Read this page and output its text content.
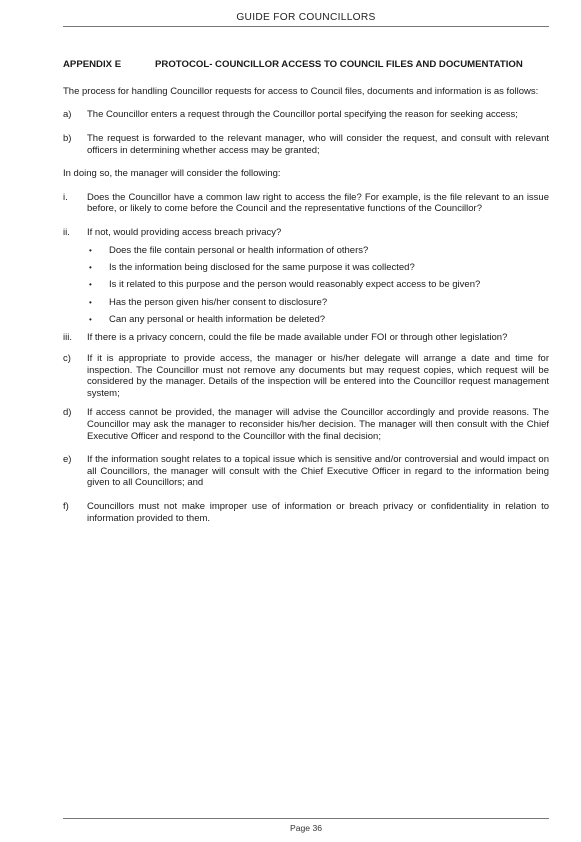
GUIDE FOR COUNCILLORS
APPENDIX E	PROTOCOL- COUNCILLOR ACCESS TO COUNCIL FILES AND DOCUMENTATION

The process for handling Councillor requests for access to Council files, documents and information is as follows:

a)	The Councillor enters a request through the Councillor portal specifying the reason for seeking access;
b)	The request is forwarded to the relevant manager, who will consider the request, and consult with relevant officers in determining whether access may be granted;

In doing so, the manager will consider the following:

i.	Does the Councillor have a common law right to access the file? For example, is the file relevant to an issue before, or likely to come before the Council and the representative functions of the Councillor?
ii.	If not, would providing access breach privacy?
•	Does the file contain personal or health information of others?
•	Is the information being disclosed for the same purpose it was collected?
•	Is it related to this purpose and the person would reasonably expect access to be given?
•	Has the person given his/her consent to disclosure?
•	Can any personal or health information be deleted?
iii.	If there is a privacy concern, could the file be made available under FOI or through other legislation?
c)	If it is appropriate to provide access, the manager or his/her delegate will arrange a date and time for inspection. The Councillor must not remove any documents but may request copies, which request will be considered by the manager. Details of the inspection will be entered into the Councillor request management system;
d)	If access cannot be provided, the manager will advise the Councillor accordingly and provide reasons. The Councillor may ask the manager to reconsider his/her decision. The manager will then consult with the Chief Executive Officer and respond to the Councillor with the final decision;
e)	If the information sought relates to a topical issue which is sensitive and/or controversial and would impact on all Councillors, the manager will consult with the Chief Executive Officer in regard to the information being given to all Councillors; and
f)	Councillors must not make improper use of information or breach privacy or confidentiality in relation to information provided to them.
Page 36
